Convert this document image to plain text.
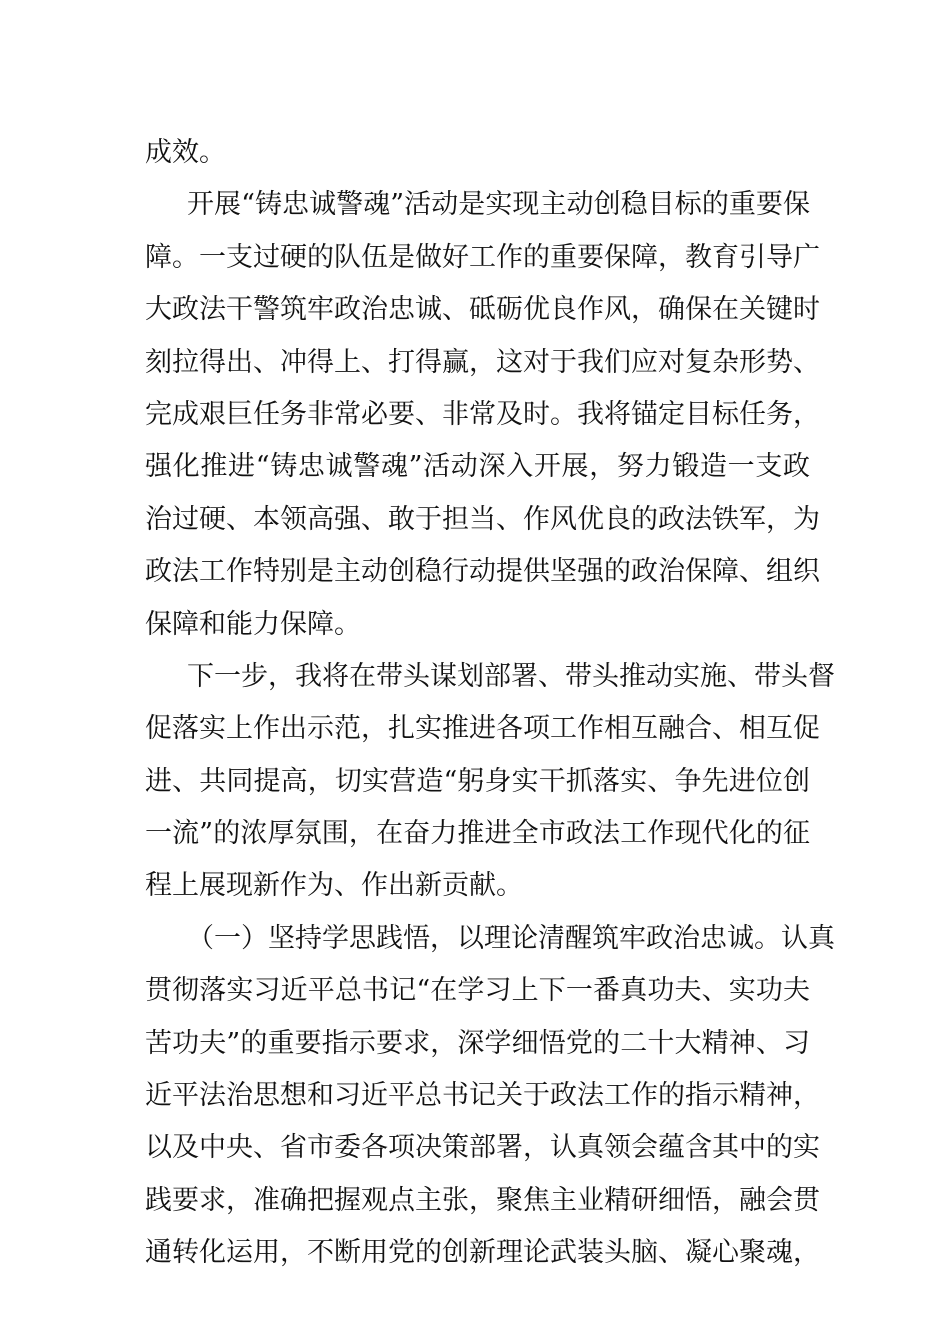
成效。
开展“铸忠诚警魂”活动是实现主动创稳目标的重要保
障。一支过硬的队伍是做好工作的重要保障，教育引导广
大政法干警筑牢政治忠诚、砥砺优良作风，确保在关键时
刻拉得出、冲得上、打得赢，这对于我们应对复杂形势、
完成艰巨任务非常必要、非常及时。我将锚定目标任务，
强化推进“铸忠诚警魂”活动深入开展，努力锻造一支政
治过硬、本领高强、敢于担当、作风优良的政法铁军，为
政法工作特别是主动创稳行动提供坚强的政治保障、组织
保障和能力保障。
下一步，我将在带头谋划部署、带头推动实施、带头督
促落实上作出示范，扎实推进各项工作相互融合、相互促
进、共同提高，切实营造“躬身实干抓落实、争先进位创
一流”的浓厚氛围，在奋力推进全市政法工作现代化的征
程上展现新作为、作出新贡献。
（一）坚持学思践悟，以理论清醒筑牢政治忠诚。认真
贯彻落实习近平总书记“在学习上下一番真功夫、实功夫
苦功夫”的重要指示要求，深学细悟党的二十大精神、习
近平法治思想和习近平总书记关于政法工作的指示精神，
以及中央、省市委各项决策部署，认真领会蕴含其中的实
践要求，准确把握观点主张，聚焦主业精研细悟，融会贯
通转化运用，不断用党的创新理论武装头脑、凝心聚魂，
